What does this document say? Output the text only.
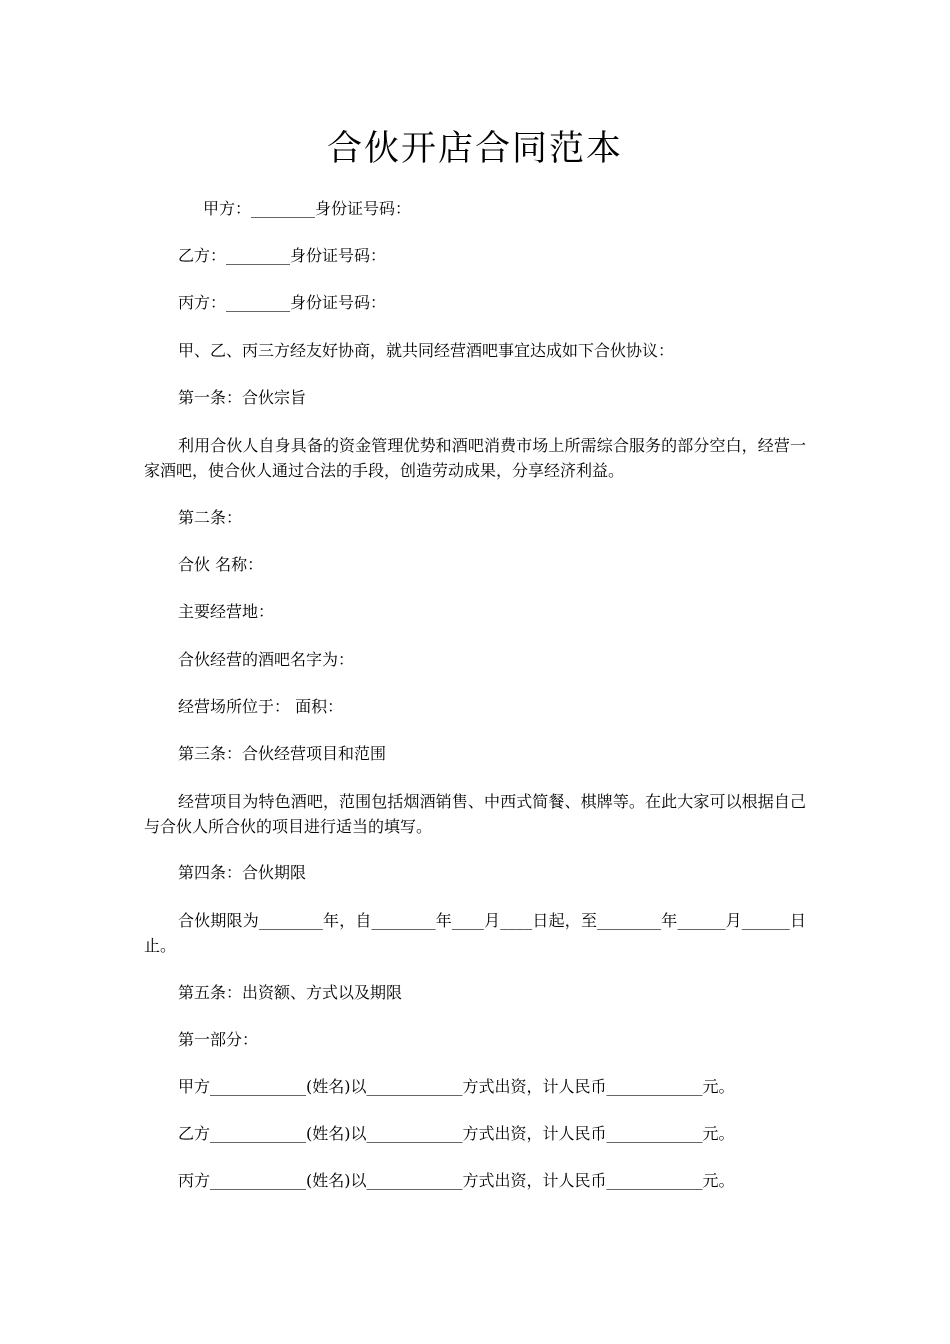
合伙开店合同范本

甲方：________身份证号码：

乙方：________身份证号码：

丙方：________身份证号码：

甲、乙、丙三方经友好协商，就共同经营酒吧事宜达成如下合伙协议：

第一条：合伙宗旨

利用合伙人自身具备的资金管理优势和酒吧消费市场上所需综合服务的部分空白，经营一家酒吧，使合伙人通过合法的手段，创造劳动成果，分享经济利益。

第二条：

合伙 名称：

主要经营地：

合伙经营的酒吧名字为：

经营场所位于： 面积：

第三条：合伙经营项目和范围

经营项目为特色酒吧，范围包括烟酒销售、中西式简餐、棋牌等。在此大家可以根据自己与合伙人所合伙的项目进行适当的填写。

第四条：合伙期限

合伙期限为________年，自________年____月____日起，至________年______月______日止。

第五条：出资额、方式以及期限

第一部分：

甲方____________(姓名)以____________方式出资，计人民币____________元。

乙方____________(姓名)以____________方式出资，计人民币____________元。

丙方____________(姓名)以____________方式出资，计人民币____________元。
